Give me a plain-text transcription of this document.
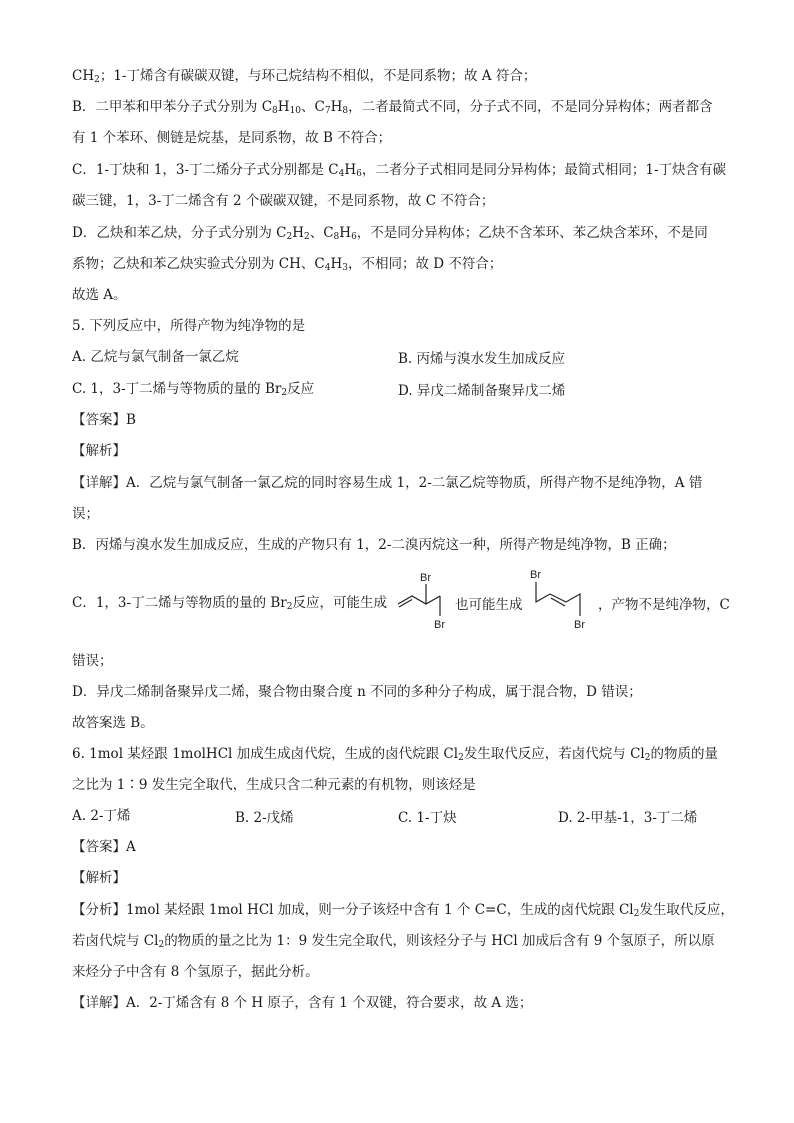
$CH_2$；1-丁烯含有碳碳双键，与环己烷结构不相似，不是同系物；故 A 符合；
B．二甲苯和甲苯分子式分别为 $C_8H_{10}$、$C_7H_8$，二者最简式不同，分子式不同，不是同分异构体；两者都含
有 1 个苯环、侧链是烷基，是同系物，故 B 不符合；
C．1-丁炔和 1，3-丁二烯分子式分别都是 $C_4H_6$，二者分子式相同是同分异构体；最简式相同；1-丁炔含有碳
碳三键，1，3-丁二烯含有 2 个碳碳双键，不是同系物，故 C 不符合；
D．乙炔和苯乙炔，分子式分别为 $C_2H_2$、$C_8H_6$，不是同分异构体；乙炔不含苯环、苯乙炔含苯环，不是同
系物；乙炔和苯乙炔实验式分别为 CH、$C_4H_3$，不相同；故 D 不符合；
故选 A。
5. 下列反应中，所得产物为纯净物的是
A. 乙烷与氯气制备一氯乙烷	B. 丙烯与溴水发生加成反应
C. 1，3-丁二烯与等物质的量的 $Br_2$反应	D. 异戊二烯制备聚异戊二烯
【答案】B
【解析】
【详解】A．乙烷与氯气制备一氯乙烷的同时容易生成 1，2-二氯乙烷等物质，所得产物不是纯净物，A 错
误；
B．丙烯与溴水发生加成反应，生成的产物只有 1，2-二溴丙烷这一种，所得产物是纯净物，B 正确；
C．1，3-丁二烯与等物质的量的 $Br_2$反应，可能生成
Br
Br
也可能生成
Br
Br
，产物不是纯净物，C
错误；
D．异戊二烯制备聚异戊二烯，聚合物由聚合度 n 不同的多种分子构成，属于混合物，D 错误；
故答案选 B。
6. 1mol 某烃跟 1molHCl 加成生成卤代烷，生成的卤代烷跟 $Cl_2$发生取代反应，若卤代烷与 $Cl_2$的物质的量
之比为 1∶9 发生完全取代，生成只含二种元素的有机物，则该烃是
A. 2-丁烯	B. 2-戊烯	C. 1-丁炔	D. 2-甲基-1，3-丁二烯
【答案】A
【解析】
【分析】1mol 某烃跟 1mol HCl 加成，则一分子该烃中含有 1 个 C=C，生成的卤代烷跟 $Cl_2$发生取代反应，
若卤代烷与 $Cl_2$的物质的量之比为 1：9 发生完全取代，则该烃分子与 HCl 加成后含有 9 个氢原子，所以原
来烃分子中含有 8 个氢原子，据此分析。
【详解】A．2-丁烯含有 8 个 H 原子，含有 1 个双键，符合要求，故 A 选；
